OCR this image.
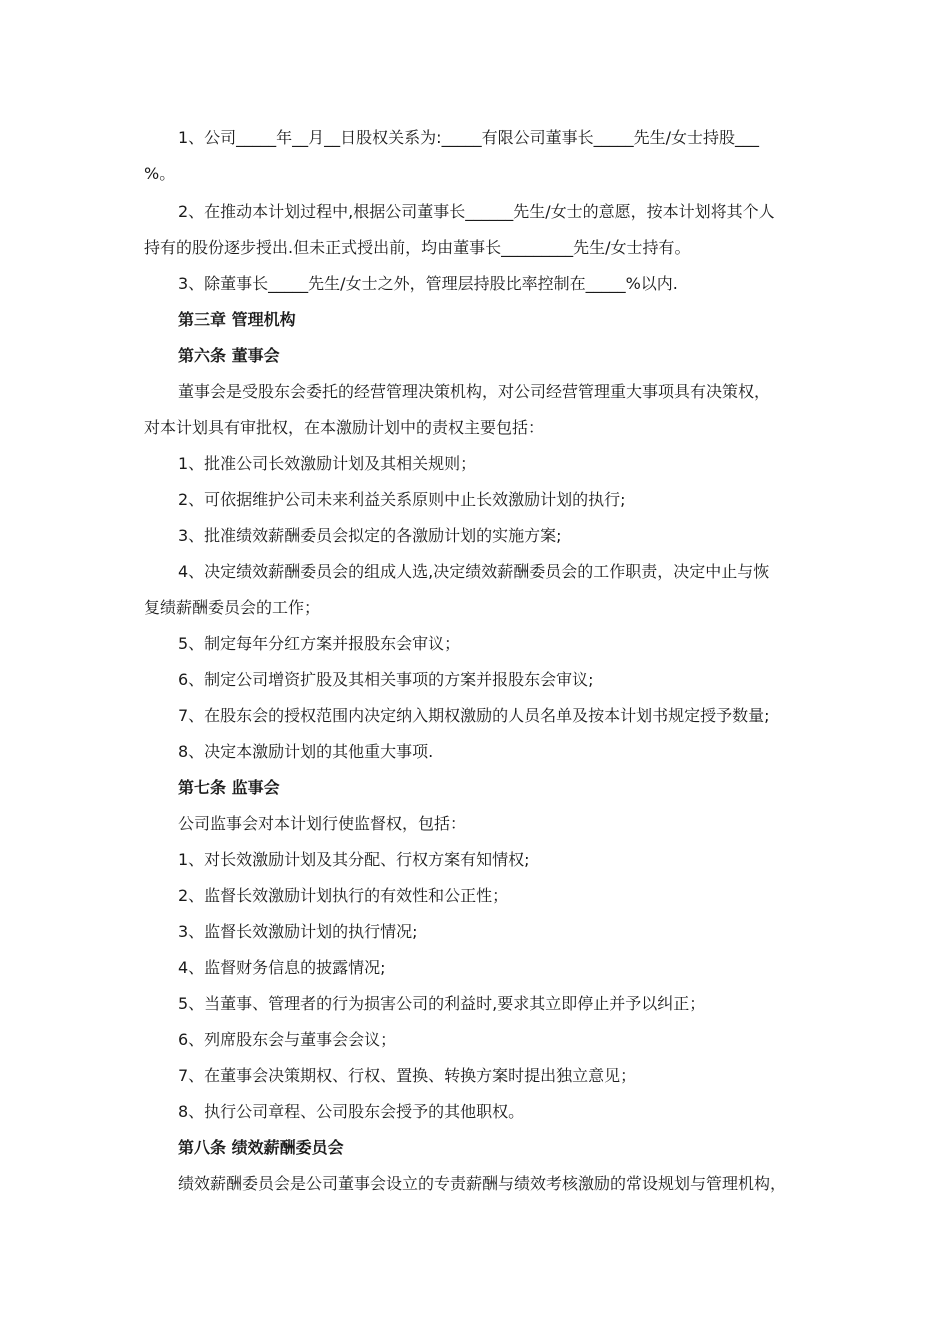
1、公司_____年__月__日股权关系为:_____有限公司董事长_____先生/女士持股___
%。
2、在推动本计划过程中,根据公司董事长______先生/女士的意愿，按本计划将其个人
持有的股份逐步授出.但未正式授出前，均由董事长_________先生/女士持有。
3、除董事长_____先生/女士之外，管理层持股比率控制在_____%以内.
第三章 管理机构
第六条 董事会
董事会是受股东会委托的经营管理决策机构，对公司经营管理重大事项具有决策权，
对本计划具有审批权，在本激励计划中的责权主要包括：
1、批准公司长效激励计划及其相关规则；
2、可依据维护公司未来利益关系原则中止长效激励计划的执行;
3、批准绩效薪酬委员会拟定的各激励计划的实施方案;
4、决定绩效薪酬委员会的组成人选,决定绩效薪酬委员会的工作职责，决定中止与恢
复绩薪酬委员会的工作；
5、制定每年分红方案并报股东会审议；
6、制定公司增资扩股及其相关事项的方案并报股东会审议;
7、在股东会的授权范围内决定纳入期权激励的人员名单及按本计划书规定授予数量;
8、决定本激励计划的其他重大事项.
第七条 监事会
公司监事会对本计划行使监督权，包括：
1、对长效激励计划及其分配、行权方案有知情权;
2、监督长效激励计划执行的有效性和公正性；
3、监督长效激励计划的执行情况;
4、监督财务信息的披露情况;
5、当董事、管理者的行为损害公司的利益时,要求其立即停止并予以纠正；
6、列席股东会与董事会会议；
7、在董事会决策期权、行权、置换、转换方案时提出独立意见；
8、执行公司章程、公司股东会授予的其他职权。
第八条 绩效薪酬委员会
绩效薪酬委员会是公司董事会设立的专责薪酬与绩效考核激励的常设规划与管理机构，
